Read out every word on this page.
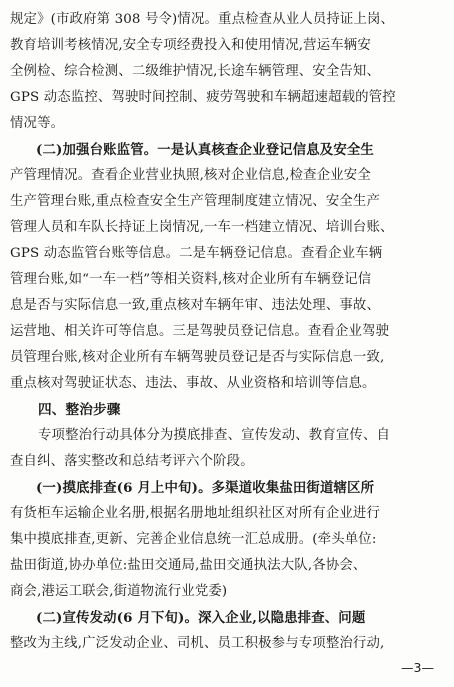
规定》(市政府第 308 号令)情况。重点检查从业人员持证上岗、
教育培训考核情况,安全专项经费投入和使用情况,营运车辆安
全例检、综合检测、二级维护情况,长途车辆管理、安全告知、
GPS 动态监控、驾驶时间控制、疲劳驾驶和车辆超速超载的管控
情况等。
(二)加强台账监管。一是认真核查企业登记信息及安全生
产管理情况。查看企业营业执照,核对企业信息,检查企业安全
生产管理台账,重点检查安全生产管理制度建立情况、安全生产
管理人员和车队长持证上岗情况,一车一档建立情况、培训台账、
GPS 动态监管台账等信息。二是车辆登记信息。查看企业车辆
管理台账,如“一车一档”等相关资料,核对企业所有车辆登记信
息是否与实际信息一致,重点核对车辆年审、违法处理、事故、
运营地、相关许可等信息。三是驾驶员登记信息。查看企业驾驶
员管理台账,核对企业所有车辆驾驶员登记是否与实际信息一致,
重点核对驾驶证状态、违法、事故、从业资格和培训等信息。
四、整治步骤
专项整治行动具体分为摸底排查、宣传发动、教育宣传、自
查自纠、落实整改和总结考评六个阶段。
(一)摸底排查(6 月上中旬)。多渠道收集盐田街道辖区所
有货柜车运输企业名册,根据名册地址组织社区对所有企业进行
集中摸底排查,更新、完善企业信息统一汇总成册。(牵头单位:
盐田街道,协办单位:盐田交通局,盐田交通执法大队,各协会、
商会,港运工联会,街道物流行业党委)
(二)宣传发动(6 月下旬)。深入企业,以隐患排查、问题
整改为主线,广泛发动企业、司机、员工积极参与专项整治行动,
—3—
